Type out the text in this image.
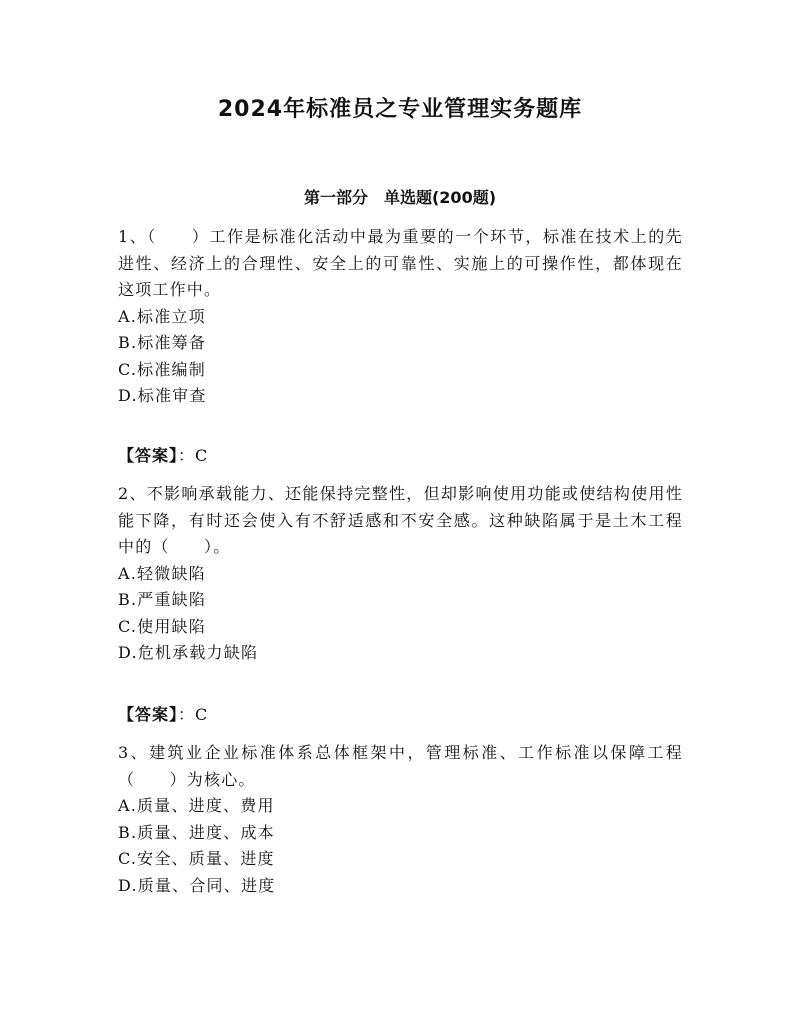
2024年标准员之专业管理实务题库
第一部分　单选题(200题)

1、（　　）工作是标准化活动中最为重要的一个环节，标准在技术上的先进性、经济上的合理性、安全上的可靠性、实施上的可操作性，都体现在这项工作中。

A.标准立项

B.标准筹备

C.标准编制

D.标准审查

【答案】：C

2、不影响承载能力、还能保持完整性，但却影响使用功能或使结构使用性能下降，有时还会使入有不舒适感和不安全感。这种缺陷属于是土木工程中的（　　）。

A.轻微缺陷

B.严重缺陷

C.使用缺陷

D.危机承载力缺陷

【答案】：C

3、建筑业企业标准体系总体框架中，管理标准、工作标准以保障工程（　　）为核心。

A.质量、进度、费用

B.质量、进度、成本

C.安全、质量、进度

D.质量、合同、进度
